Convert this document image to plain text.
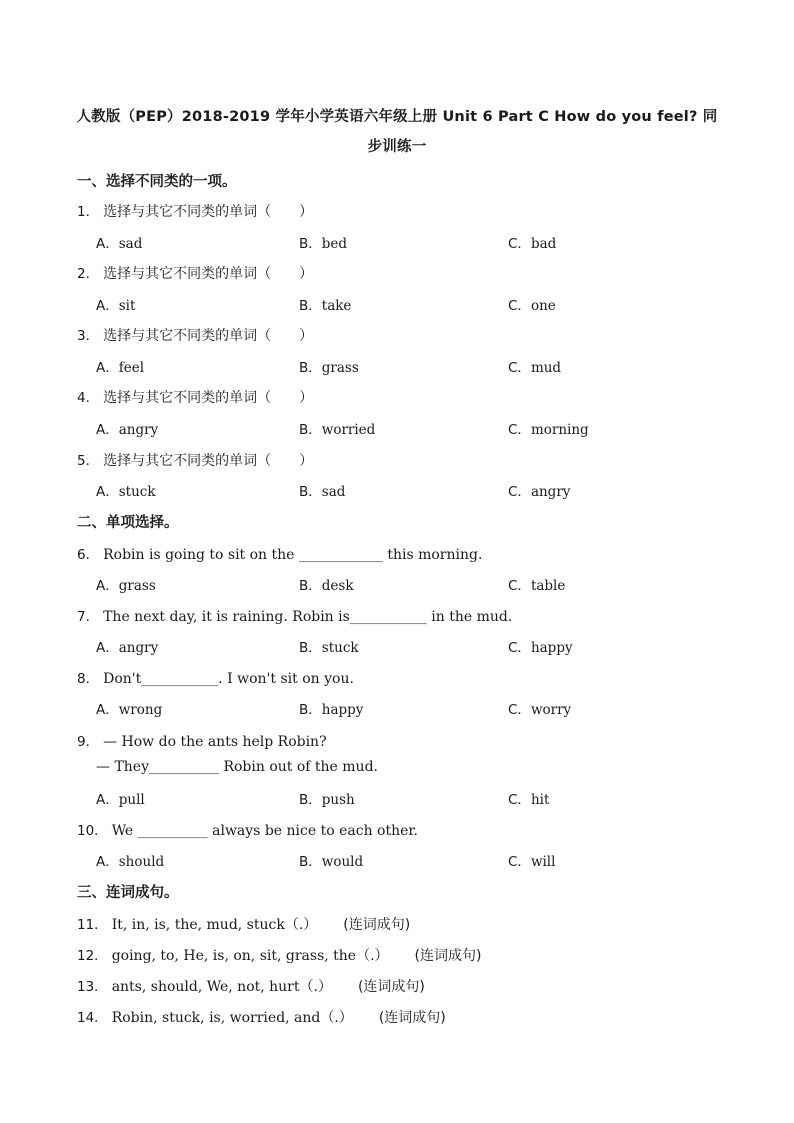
人教版（PEP）2018-2019 学年小学英语六年级上册 Unit 6 Part C How do you feel? 同
步训练一
一、选择不同类的一项。
1． 选择与其它不同类的单词（　　）
A．sad	B．bed	C．bad
2． 选择与其它不同类的单词（　　）
A．sit	B．take	C．one
3． 选择与其它不同类的单词（　　）
A．feel	B．grass	C．mud
4． 选择与其它不同类的单词（　　）
A．angry	B．worried	C．morning
5． 选择与其它不同类的单词（　　）
A．stuck	B．sad	C．angry
二、单项选择。
6． Robin is going to sit on the ____________ this morning.
A．grass	B．desk	C．table
7． The next day, it is raining. Robin is___________ in the mud.
A．angry	B．stuck	C．happy
8． Don't___________. I won't sit on you.
A．wrong	B．happy	C．worry
9． — How do the ants help Robin?
— They__________ Robin out of the mud.
A．pull	B．push	C．hit
10． We __________ always be nice to each other.
A．should	B．would	C．will
三、连词成句。
11． It, in, is, the, mud, stuck（.） (连词成句)
12． going, to, He, is, on, sit, grass, the（.） (连词成句)
13． ants, should, We, not, hurt（.） (连词成句)
14． Robin, stuck, is, worried, and（.） (连词成句)
